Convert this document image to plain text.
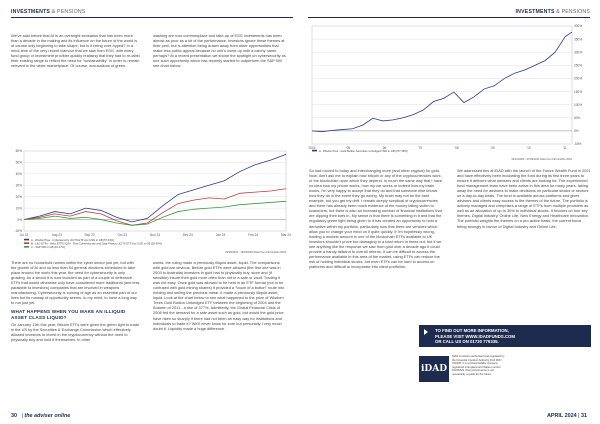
INVESTMENTS & PENSIONS

We've said before that AI is an overnight sensation that has been more than a decade in the making and its influence on the future of the world is of course only beginning to take shape, but is it being over-hyped? In a mind-time of the very recent clamour that we saw from ESG, with every fund group or investment provider quickly realising that they had to re-label their existing range to reflect the need for "sustainability" in order to remain relevant in the wider marketplace. Of course, accusations of green-

washing are now commonplace and take-up of ESG investments has been almost as poor as a lot of the performance. Investors ignore these themes at their peril, but is attention being drawn away from other opportunities that make less public appeal because no one's come up with a catchy name perhaps? At a recent presentation we shone the spotlight on cybersecurity as one such opportunity which has recently started to outperform the S&P 500 see chart below.

60%
50%
40%
30%
20%
10%
0%
-10%
Jul 23	Aug 23	Sep 23	Oct 23	Nov 23	Dec 23	Jan 24	Feb 24	Mar 24
A - WisdomTree - Cybersecurity UCITS ETF Acc USD in GB [57.03%]
B - L&G ETFs - Hsbc ETFS ICAV - Rize Cybersecurity and Data Privacy UCITS ETF Acc USD in GB [26.90%]
C - S&P 500 in GB [16.27%]
29/08/2023 - 18/03/2024 Data from FE fundinfo 2024

There are no household names within the cyber sector just yet, but with the growth of AI and no less than 54 general elections scheduled to take place around the world this year, the need for cybersecurity is only growing. As a sector it is now included as part of a couple of defensive ETFs that would otherwise only have considered more traditional (and less palatable to investors) companies that are involved in weapons manufacturing. Cybersecurity is coming of age as an essential part of our lives but its runway of opportunity seems, to my mind, to have a long way to run just yet.

WHAT HAPPENS WHEN YOU MAKE AN ILLIQUID ASSET CLASS LIQUID?

On January 11th this year, Bitcoin ETFs were given the green light to trade in the US by the Securities & Exchange Commission which effectively allowed investors to invest in the cryptocurrency without the need to physically buy and hold it themselves. In other

words, the ruling made a previously illiquid asset, liquid. The comparisons with gold are obvious. Before gold ETFs were allowed (the first one was in 2003 in Australia) investors in gold had to physically buy, store and (if sensible) insure their gold more often than not in a safe or vault. Trading it was not easy. Once gold was allowed to be held in an ETF format (not to be confused with gold mining shares) it provided a "touch of a button" route into holding and selling the precious metal. It made a previously illiquid asset, liquid. Look at the chart below to see what happened to the price of Wisdom Trees Gold Bullion Unhedged ETF between the beginning of 2004 and the Autumn of 2011 - a rise of 377%. Admittedly, the Global Financial Crisis of 2008 fed the demand for a safe asset such as gold, but would the gold price have risen so sharply if there had not been an easy way for institutions and individuals to trade it? We'll never know for sure but personally I very much doubt it. Liquidity made a huge difference.

30 | the adviser online
INVESTMENTS & PENSIONS
400%
350%
300%
250%
200%
150%
100%
50%
0%
-50%
2004	'05	'06	'07	'08	'09	'10	'11
A - WisdomTree - Gold Bullion Securities Unhedged USD in GB [377.38%]
31/12/2003 - 07/09/2011 Data from FE fundinfo 2024

So had moved to today and interchanging more (and other cryptos) for gold. Now, don't ask me to explain how bitcoin or any of the cryptocurrencies work, or the blockchain upon which they depend. In much the same way that I have no idea how my phone works, how my car works or indeed how my brain works, I'm very happy to accept that they do and that someone else knows how they do in the event they go wrong. My brain may not be the best example, but you get my drift. I remain deeply sceptical of cryptocurrencies and there has already been much evidence of the money falling victim to scammers, but there is also an increasing number of financial institutions that are dipping their toes in. My sense is that there is something in it and that the regulatory green light being given to it has created an opportunity to hold a derivative within my portfolio, particularly now that there are vehicles which allow you to change your mind on it quite quickly. If I'm hopelessly wrong, holding a modest amount in one of the blockchain ETFs available to UK investors shouldn't prove too damaging to a total return in times out, but if we see anything like the response we saw from gold over a decade ago it could provide a handy tailwind to overall returns. It can be difficult to access the performance available in this area of the market, using ETFs can reduce the risk of holding individual stocks, but even ETFs can be hard to access on platforms and difficult to incorporate into client portfolios.

We addressed this at iDAD with the launch of the Future Wealth Fund in 2021 and have effectively been incubating the fund during its first three years to ensure it delivers what advisers and clients are looking for. The experienced fund management team have been active in this area for many years, taking away the need for advisers to make decisions on particular stocks or sectors on a day-to-day basis. The fund is available across platforms and gives advisers and clients easy access to the themes of the future. The portfolio is actively managed and comprises a range of ETFs from multiple providers as well as an allocation of up to 30% to individual stocks. It focuses on four key themes, Digital Industry, Online Life, New Energy and Healthcare Innovation. The portfolio weights the themes on a pro-active basis, the current focus being strongly in favour of Digital Industry and Online Life.

APRIL 2024 | 31
TO FIND OUT MORE INFORMATION,
PLEASE VISIT WWW.IDADFUNDS.COM
OR CALL US ON 01730 779335.
iDAD
iDAD Limited is authorised and regulated by the Financial Conduct Authority FCA FRN 760445. It is a limited liability company registered in England and Wales number 10221823. Past performance is not necessarily a guide for the future.
